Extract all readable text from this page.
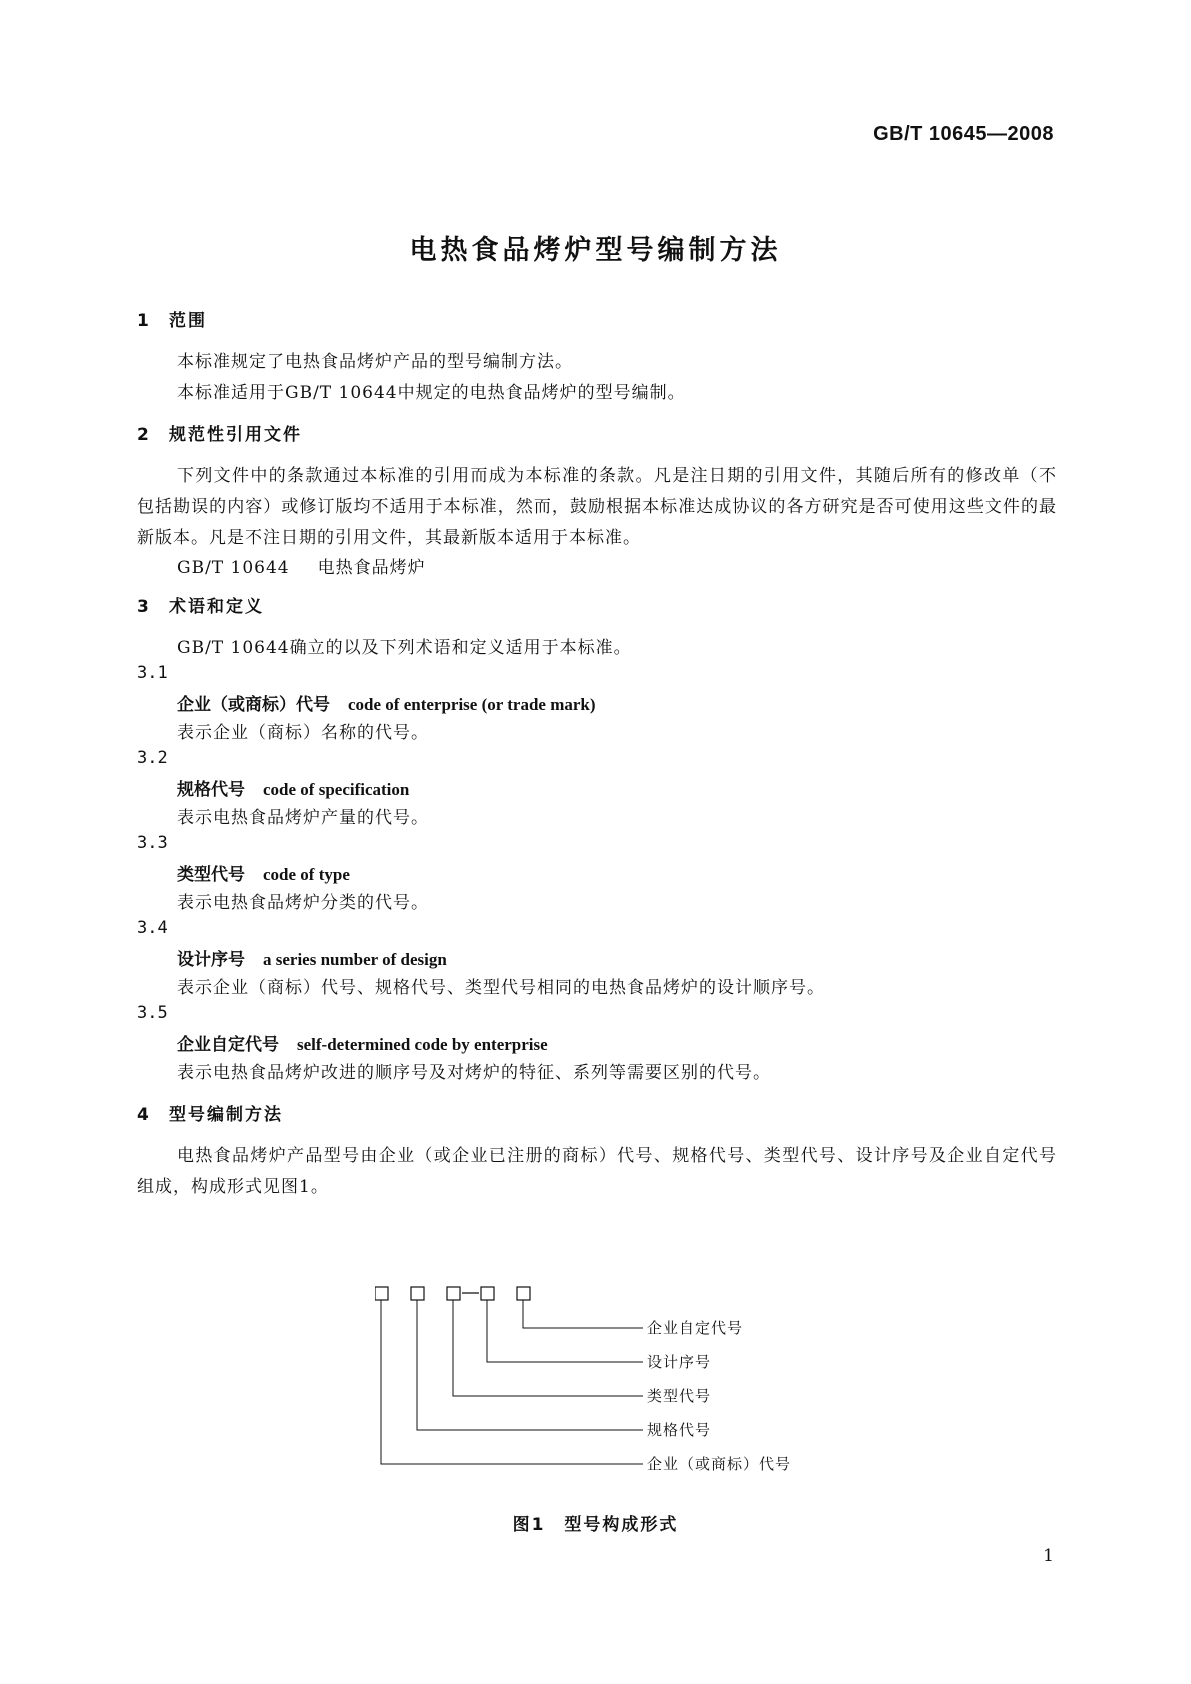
GB/T 10645—2008
电热食品烤炉型号编制方法
1 范围
本标准规定了电热食品烤炉产品的型号编制方法。
本标准适用于GB/T 10644中规定的电热食品烤炉的型号编制。
2 规范性引用文件
下列文件中的条款通过本标准的引用而成为本标准的条款。凡是注日期的引用文件，其随后所有的修改单（不包括勘误的内容）或修订版均不适用于本标准，然而，鼓励根据本标准达成协议的各方研究是否可使用这些文件的最新版本。凡是不注日期的引用文件，其最新版本适用于本标准。
GB/T 10644 电热食品烤炉
3 术语和定义
GB/T 10644确立的以及下列术语和定义适用于本标准。
3.1
企业（或商标）代号 code of enterprise (or trade mark)
表示企业（商标）名称的代号。
3.2
规格代号 code of specification
表示电热食品烤炉产量的代号。
3.3
类型代号 code of type
表示电热食品烤炉分类的代号。
3.4
设计序号 a series number of design
表示企业（商标）代号、规格代号、类型代号相同的电热食品烤炉的设计顺序号。
3.5
企业自定代号 self-determined code by enterprise
表示电热食品烤炉改进的顺序号及对烤炉的特征、系列等需要区别的代号。
4 型号编制方法
电热食品烤炉产品型号由企业（或企业已注册的商标）代号、规格代号、类型代号、设计序号及企业自定代号组成，构成形式见图1。
企业自定代号
设计序号
类型代号
规格代号
企业（或商标）代号
图1　型号构成形式
1
